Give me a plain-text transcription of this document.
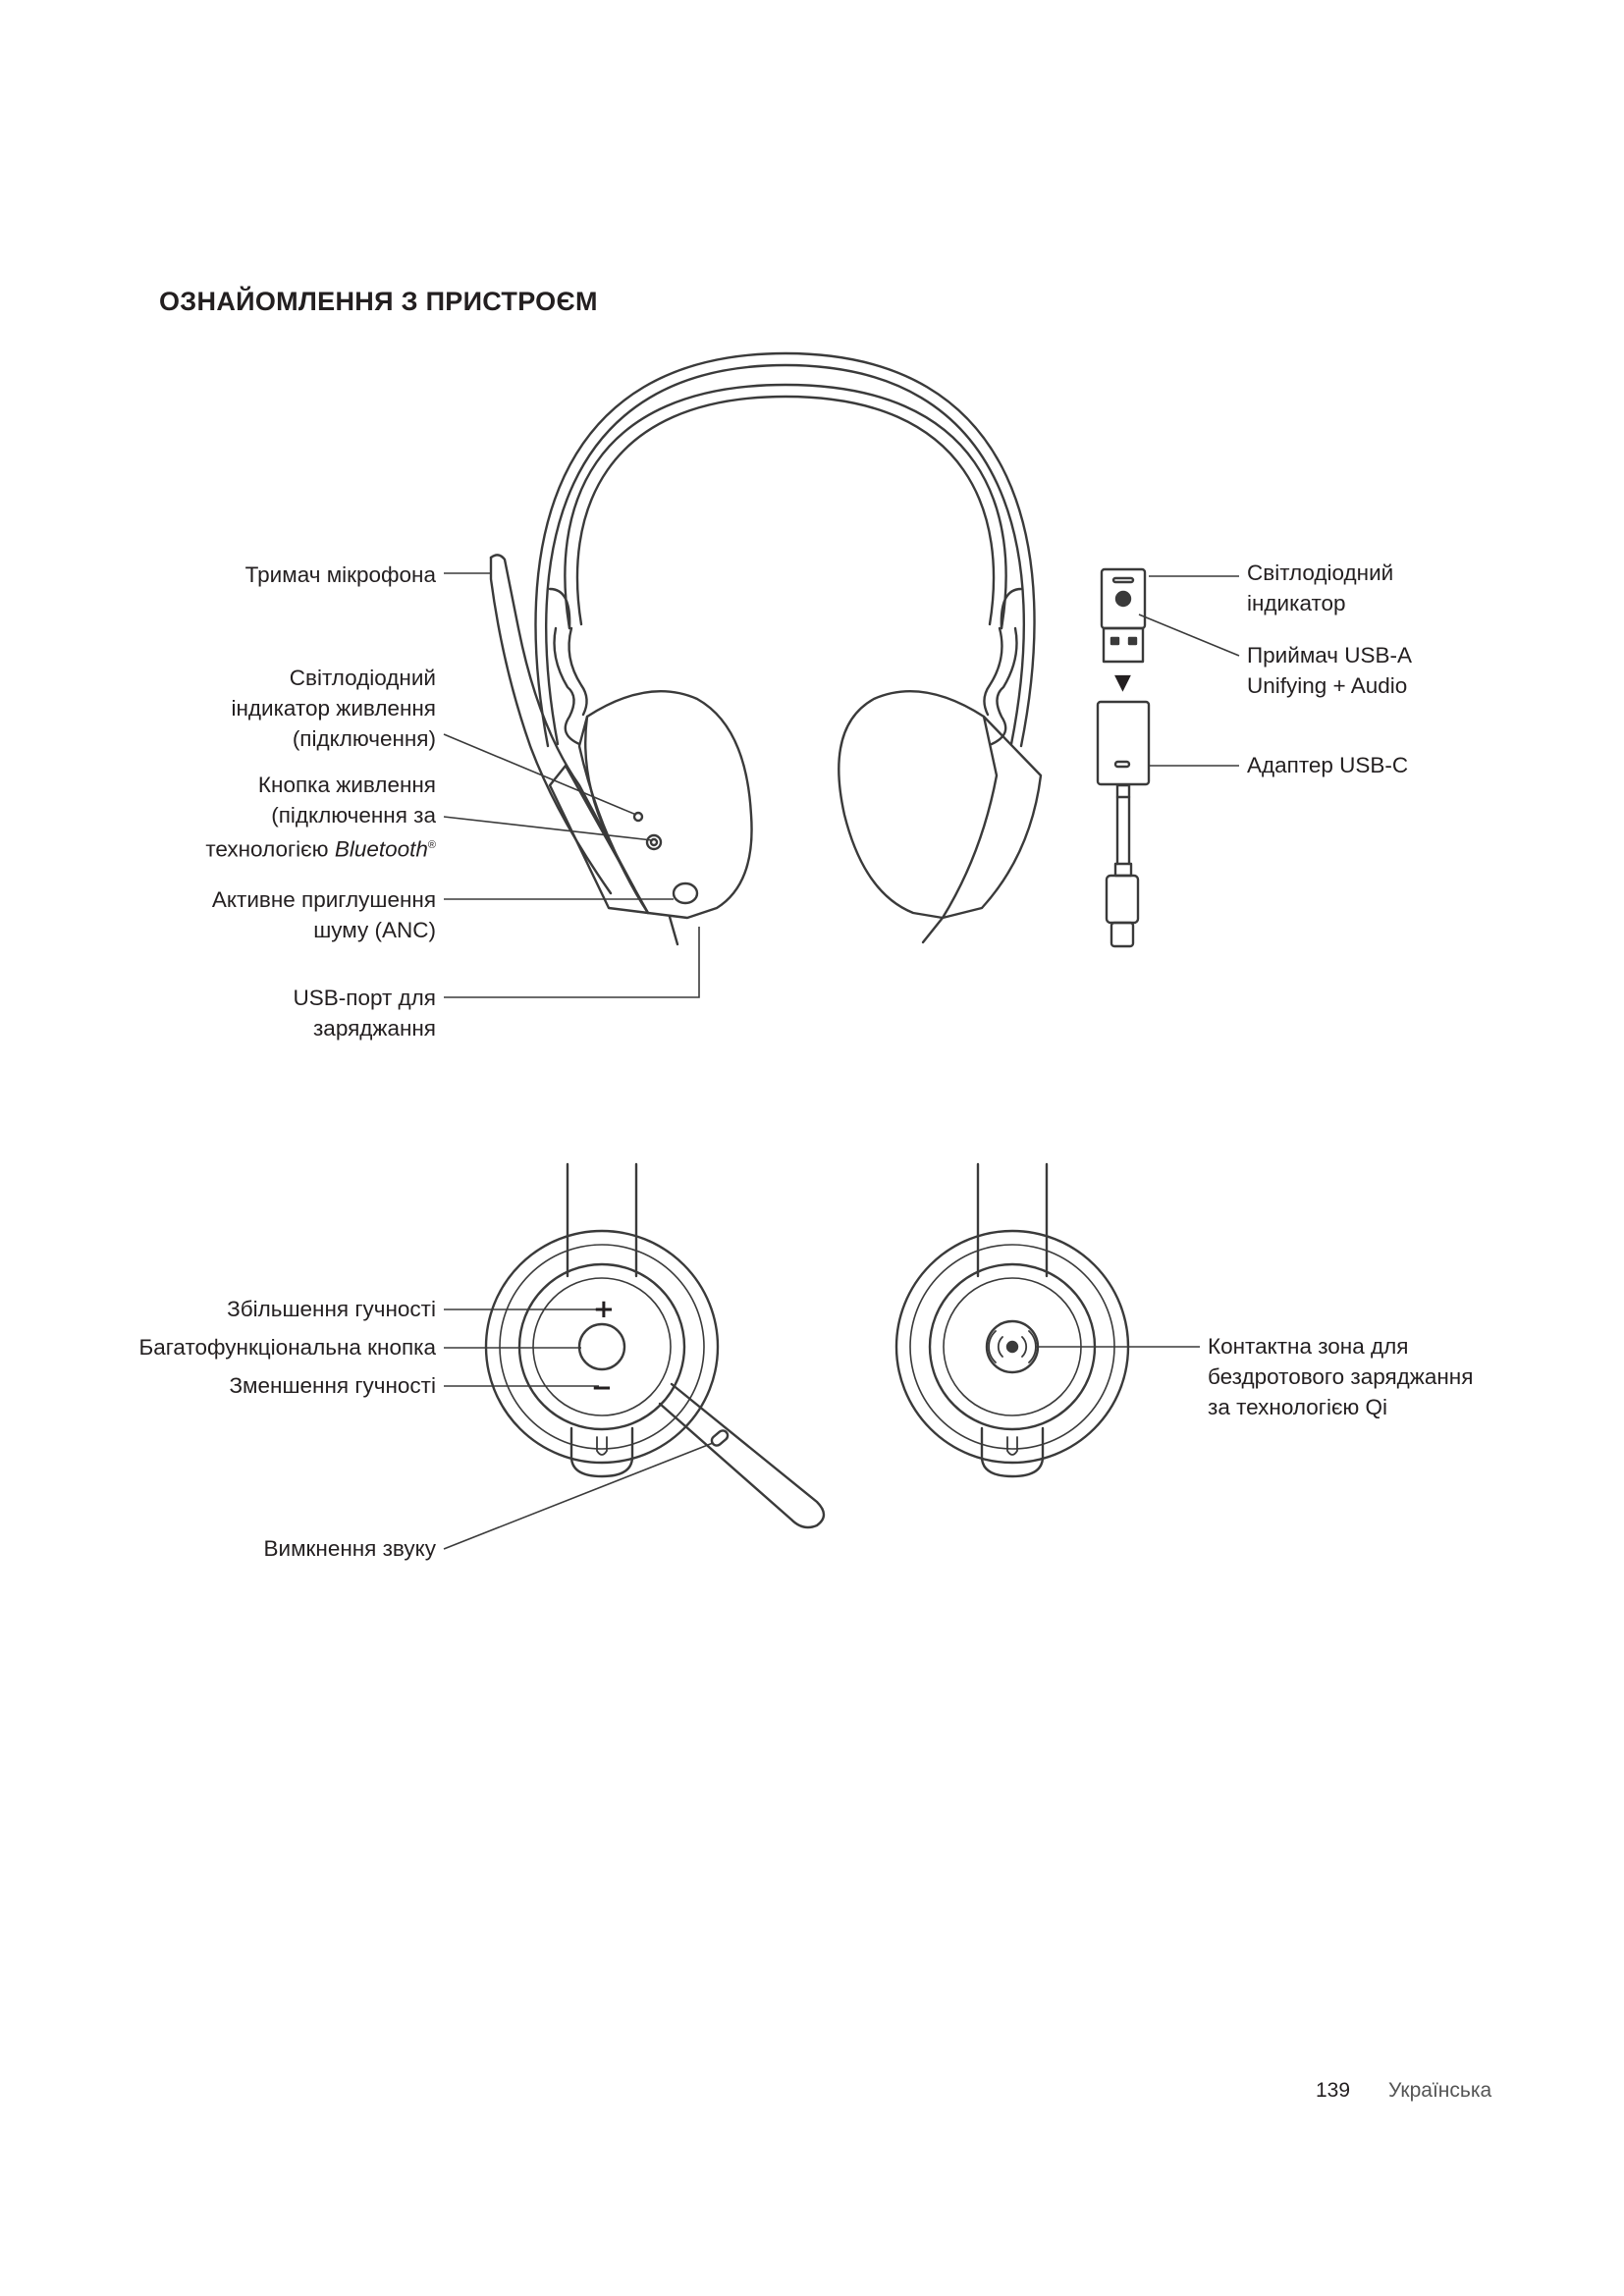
ОЗНАЙОМЛЕННЯ З ПРИСТРОЄМ
▼
+
−
Тримач мікрофона
Світлодіодний
індикатор живлення
(підключення)
Кнопка живлення
(підключення за
технологією Bluetooth®
Активне приглушення
шуму (ANC)
USB-порт для
заряджання
Світлодіодний
індикатор
Приймач USB-A
Unifying + Audio
Адаптер USB-C
Збільшення гучності
Багатофункціональна кнопка
Зменшення гучності
Вимкнення звуку
Контактна зона для
бездротового заряджання
за технологією Qi
139 Українська
